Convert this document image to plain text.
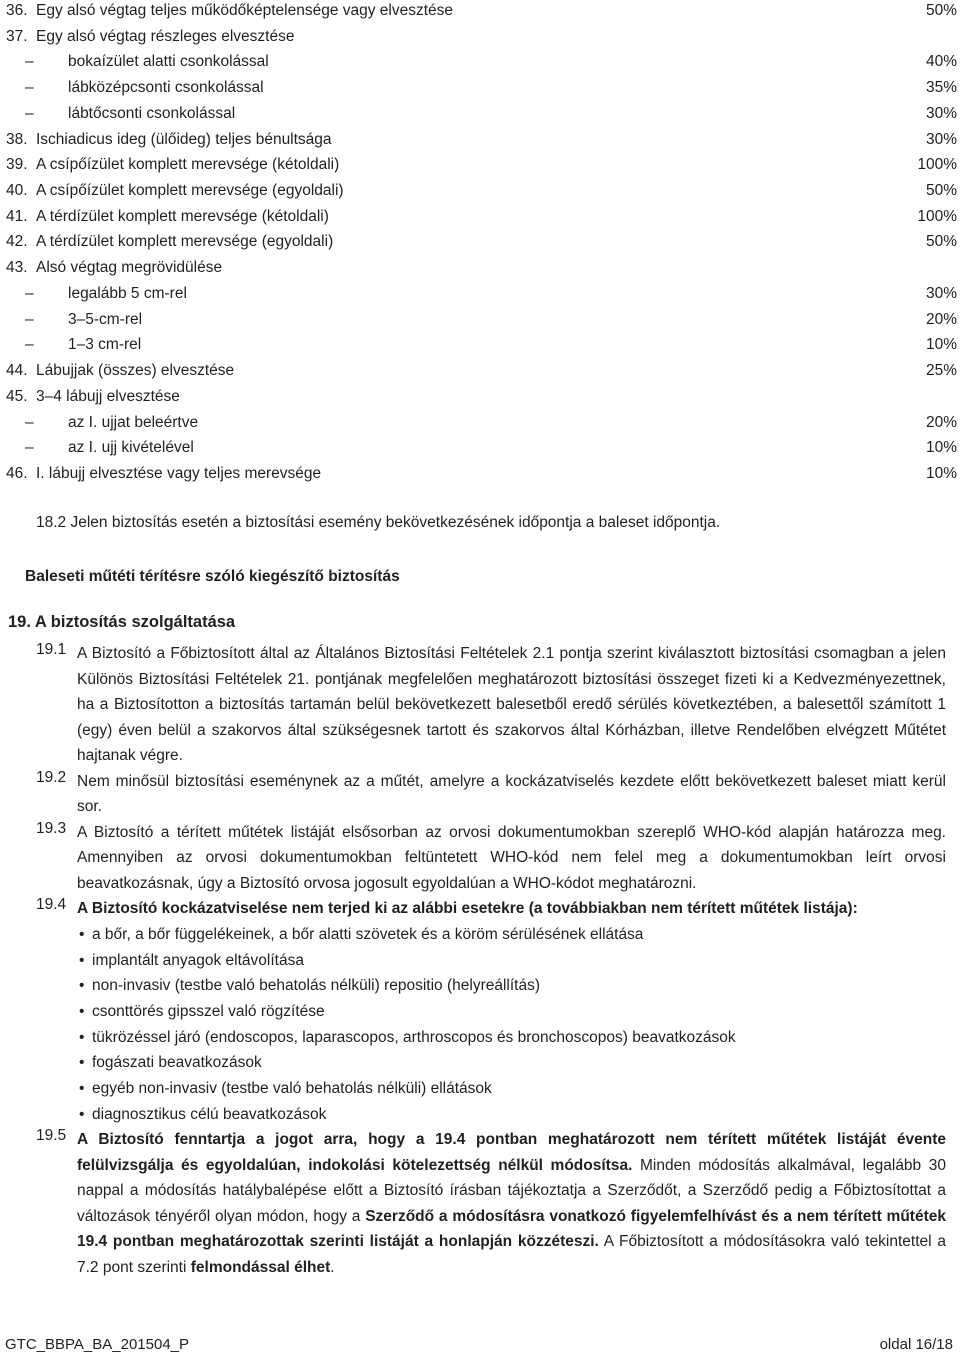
36. Egy alsó végtag teljes működőképtelensége vagy elvesztése	50%
37. Egy alsó végtag részleges elvesztése
– bokaízület alatti csonkolással	40%
– lábközépcsonti csonkolással	35%
– lábtőcsonti csonkolással	30%
38. Ischiadicus ideg (ülőideg) teljes bénultsága	30%
39. A csípőízület komplett merevsége (kétoldali)	100%
40. A csípőízület komplett merevsége (egyoldali)	50%
41. A térdízület komplett merevsége (kétoldali)	100%
42. A térdízület komplett merevsége (egyoldali)	50%
43. Alsó végtag megrövidülése
– legalább 5 cm-rel	30%
– 3–5-cm-rel	20%
– 1–3 cm-rel	10%
44. Lábujjak (összes) elvesztése	25%
45. 3–4 lábujj elvesztése
– az I. ujjat beleértve	20%
– az I. ujj kivételével	10%
46. I. lábujj elvesztése vagy teljes merevsége	10%
18.2 Jelen biztosítás esetén a biztosítási esemény bekövetkezésének időpontja a baleset időpontja.
Baleseti műtéti térítésre szóló kiegészítő biztosítás
19. A biztosítás szolgáltatása
19.1 A Biztosító a Főbiztosított által az Általános Biztosítási Feltételek 2.1 pontja szerint kiválasztott biztosítási csomagban a jelen Különös Biztosítási Feltételek 21. pontjának megfelelően meghatározott biztosítási összeget fizeti ki a Kedvezményezettnek, ha a Biztosítotton a biztosítás tartamán belül bekövetkezett balesetből eredő sérülés következtében, a balesettől számított 1 (egy) éven belül a szakorvos által szükségesnek tartott és szakorvos által Kórházban, illetve Rendelőben elvégzett Műtétet hajtanak végre.
19.2 Nem minősül biztosítási eseménynek az a műtét, amelyre a kockázatviselés kezdete előtt bekövetkezett baleset miatt kerül sor.
19.3 A Biztosító a térített műtétek listáját elsősorban az orvosi dokumentumokban szereplő WHO-kód alapján határozza meg. Amennyiben az orvosi dokumentumokban feltüntetett WHO-kód nem felel meg a dokumentumokban leírt orvosi beavatkozásnak, úgy a Biztosító orvosa jogosult egyoldalúan a WHO-kódot meghatározni.
19.4 A Biztosító kockázatviselése nem terjed ki az alábbi esetekre (a továbbiakban nem térített műtétek listája):
• a bőr, a bőr függelékeinek, a bőr alatti szövetek és a köröm sérülésének ellátása
• implantált anyagok eltávolítása
• non-invasiv (testbe való behatolás nélküli) repositio (helyreállítás)
• csonttörés gipsszel való rögzítése
• tükrözéssel járó (endoscopos, laparascopos, arthroscopos és bronchoscopos) beavatkozások
• fogászati beavatkozások
• egyéb non-invasiv (testbe való behatolás nélküli) ellátások
• diagnosztikus célú beavatkozások
19.5 A Biztosító fenntartja a jogot arra, hogy a 19.4 pontban meghatározott nem térített műtétek listáját évente felülvizsgálja és egyoldalúan, indokolási kötelezettség nélkül módosítsa. Minden módosítás alkalmával, legalább 30 nappal a módosítás hatálybalépése előtt a Biztosító írásban tájékoztatja a Szerződőt, a Szerződő pedig a Főbiztosítottat a változások tényéről olyan módon, hogy a Szerződő a módosításra vonatkozó figyelemfelhívást és a nem térített műtétek 19.4 pontban meghatározottak szerinti listáját a honlapján közzéteszi. A Főbiztosított a módosításokra való tekintettel a 7.2 pont szerinti felmondással élhet.
GTC_BBPA_BA_201504_P	oldal 16/18
